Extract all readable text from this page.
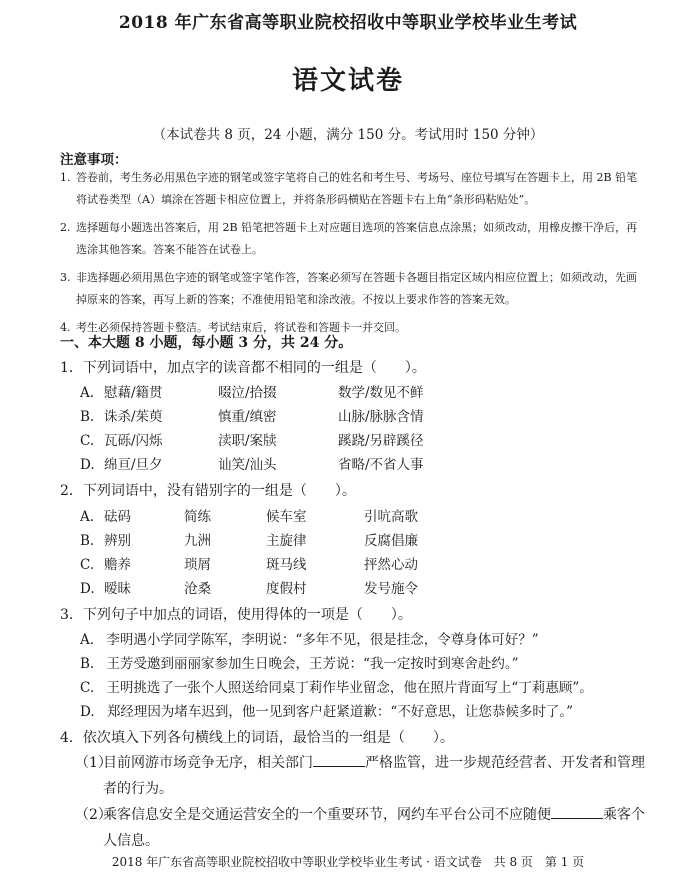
2018 年广东省高等职业院校招收中等职业学校毕业生考试
语文试卷
（本试卷共 8 页，24 小题，满分 150 分。考试用时 150 分钟）
注意事项：
1. 答卷前，考生务必用黑色字迹的钢笔或签字笔将自己的姓名和考生号、考场号、座位号填写在答题卡上，用 2B 铅笔将试卷类型（A）填涂在答题卡相应位置上，并将条形码横贴在答题卡右上角“条形码粘贴处”。
2. 选择题每小题选出答案后，用 2B 铅笔把答题卡上对应题目选项的答案信息点涂黑；如须改动，用橡皮擦干净后，再选涂其他答案。答案不能答在试卷上。
3. 非选择题必须用黑色字迹的钢笔或签字笔作答，答案必须写在答题卡各题目指定区域内相应位置上；如须改动，先画掉原来的答案，再写上新的答案；不准使用铅笔和涂改液。不按以上要求作答的答案无效。
4. 考生必须保持答题卡整洁。考试结束后，将试卷和答题卡一并交回。
一、本大题 8 小题，每小题 3 分，共 24 分。
1．下列词语中，加点字的读音都不相同的一组是（　　）。
A. 慰藉/籍贯	啜泣/拾掇	数学/数见不鲜
B. 诛杀/茱萸	慎重/缜密	山脉/脉脉含情
C. 瓦砾/闪烁	渎职/案牍	蹊跷/另辟蹊径
D. 绵亘/旦夕	讪笑/汕头	省略/不省人事
2．下列词语中，没有错别字的一组是（　　）。
A. 砝码	简练	候车室	引吭高歌
B. 辨别	九洲	主旋律	反腐倡廉
C. 赡养	琐屑	斑马线	抨然心动
D. 暧昧	沧桑	度假村	发号施令
3．下列句子中加点的词语，使用得体的一项是（　　）。
A. 李明遇小学同学陈军，李明说：“多年不见，很是挂念，令尊身体可好？”
B. 王芳受邀到丽丽家参加生日晚会，王芳说：“我一定按时到寒舍赴约。”
C. 王明挑选了一张个人照送给同桌丁莉作毕业留念，他在照片背面写上“丁莉惠顾”。
D. 郑经理因为堵车迟到，他一见到客户赶紧道歉：“不好意思，让您恭候多时了。”
4．依次填入下列各句横线上的词语，最恰当的一组是（　　）。
（1）
目前网游市场竞争无序，相关部门	严格监管，进一步规范经营者、开发者和管理者的行为。
（2）
乘客信息安全是交通运营安全的一个重要环节，网约车平台公司不应随便	乘客个人信息。
2018 年广东省高等职业院校招收中等职业学校毕业生考试 · 语文试卷　共 8 页　第 1 页
